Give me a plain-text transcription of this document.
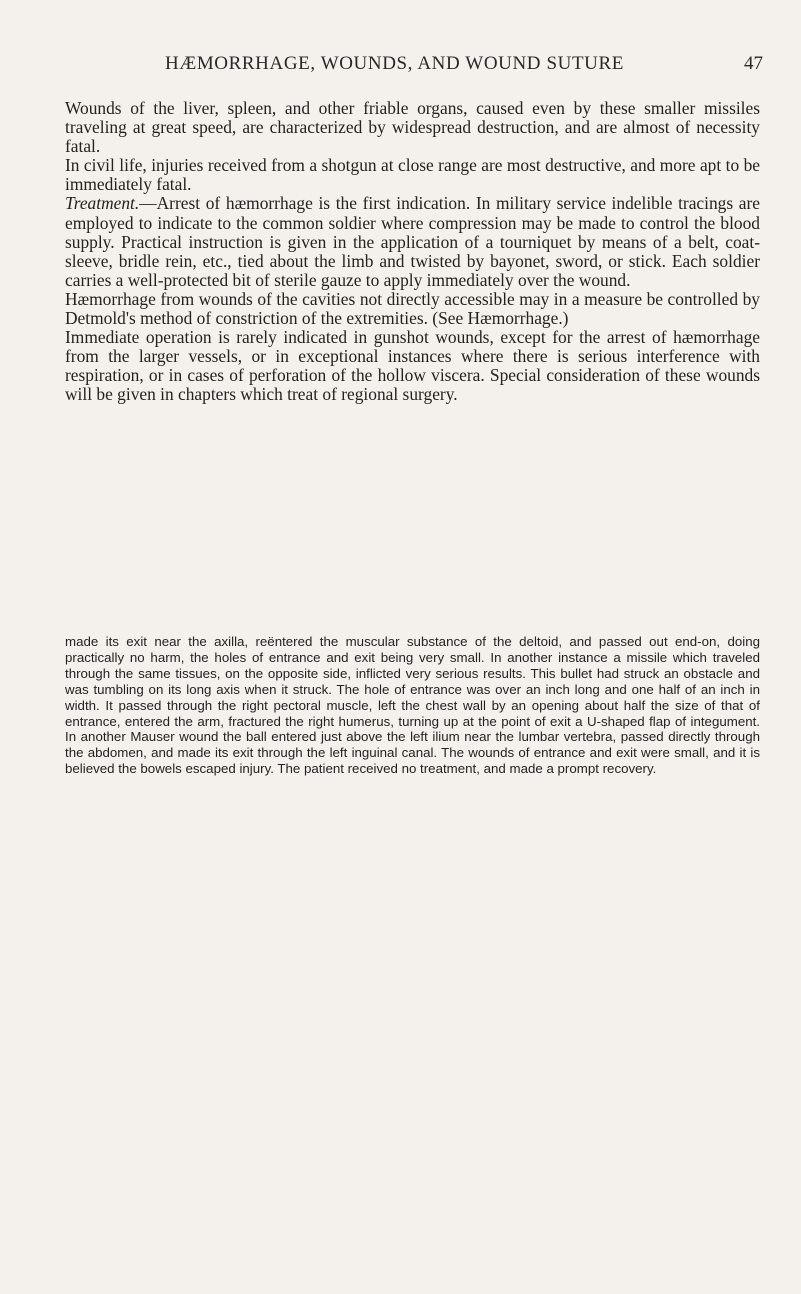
HÆMORRHAGE, WOUNDS, AND WOUND SUTURE	47

Wounds of the liver, spleen, and other friable organs, caused even by these smaller missiles traveling at great speed, are characterized by widespread destruction, and are almost of necessity fatal.

In civil life, injuries received from a shotgun at close range are most destructive, and more apt to be immediately fatal.

Treatment.—Arrest of hæmorrhage is the first indication. In military service indelible tracings are employed to indicate to the common soldier where compression may be made to control the blood supply. Practical instruction is given in the application of a tourniquet by means of a belt, coat-sleeve, bridle rein, etc., tied about the limb and twisted by bayonet, sword, or stick. Each soldier carries a well-protected bit of sterile gauze to apply immediately over the wound.

Hæmorrhage from wounds of the cavities not directly accessible may in a measure be controlled by Detmold's method of constriction of the extremities. (See Hæmorrhage.)

Immediate operation is rarely indicated in gunshot wounds, except for the arrest of hæmorrhage from the larger vessels, or in exceptional instances where there is serious interference with respiration, or in cases of perforation of the hollow viscera. Special consideration of these wounds will be given in chapters which treat of regional surgery.

made its exit near the axilla, reëntered the muscular substance of the deltoid, and passed out end-on, doing practically no harm, the holes of entrance and exit being very small. In another instance a missile which traveled through the same tissues, on the opposite side, inflicted very serious results. This bullet had struck an obstacle and was tumbling on its long axis when it struck. The hole of entrance was over an inch long and one half of an inch in width. It passed through the right pectoral muscle, left the chest wall by an opening about half the size of that of entrance, entered the arm, fractured the right humerus, turning up at the point of exit a U-shaped flap of integument. In another Mauser wound the ball entered just above the left ilium near the lumbar vertebra, passed directly through the abdomen, and made its exit through the left inguinal canal. The wounds of entrance and exit were small, and it is believed the bowels escaped injury. The patient received no treatment, and made a prompt recovery.
